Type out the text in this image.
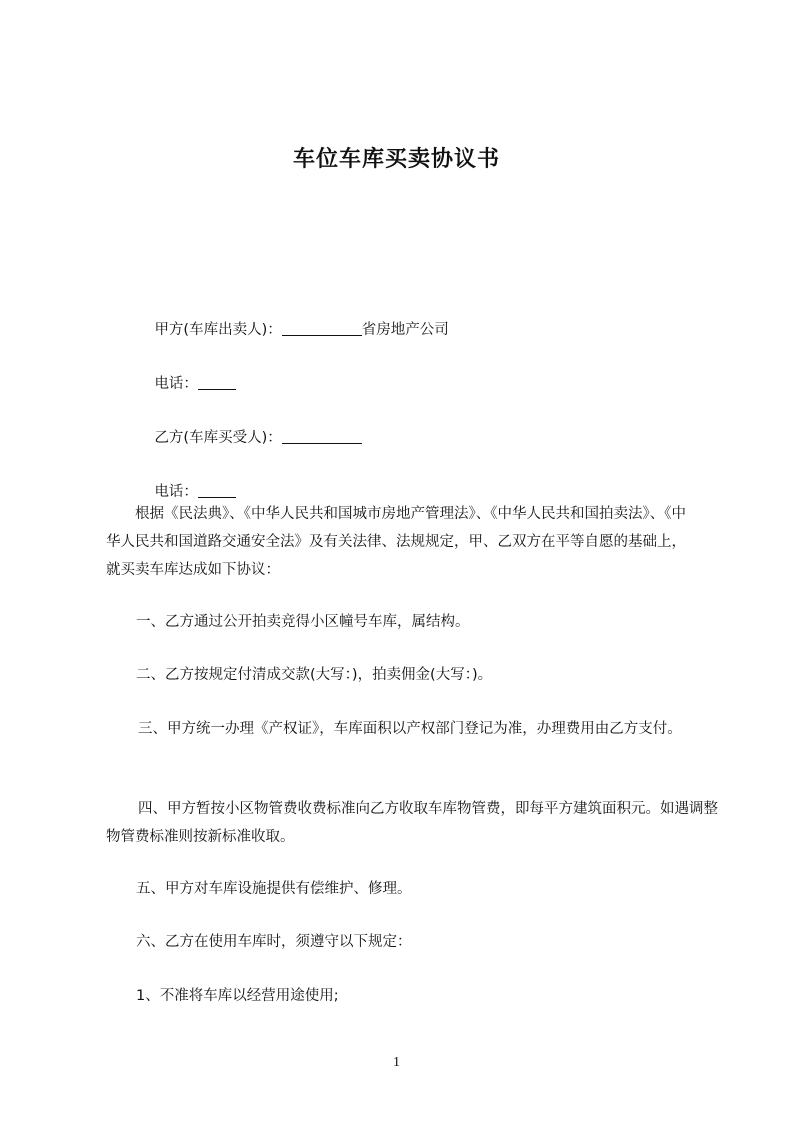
车位车库买卖协议书

甲方(车库出卖人)：	省房地产公司

电话：

乙方(车库买受人)：

电话：

　　根据《民法典》、《中华人民共和国城市房地产管理法》、《中华人民共和国拍卖法》、《中华人民共和国道路交通安全法》及有关法律、法规规定，甲、乙双方在平等自愿的基础上，就买卖车库达成如下协议：
一、乙方通过公开拍卖竞得小区幢号车库，属结构。
二、乙方按规定付清成交款(大写：)，拍卖佣金(大写：)。
三、甲方统一办理《产权证》，车库面积以产权部门登记为准，办理费用由乙方支付。
四、甲方暂按小区物管费收费标准向乙方收取车库物管费，即每平方建筑面积元。如遇调整物管费标准则按新标准收取。
五、甲方对车库设施提供有偿维护、修理。
六、乙方在使用车库时，须遵守以下规定：
1、不准将车库以经营用途使用;
1
